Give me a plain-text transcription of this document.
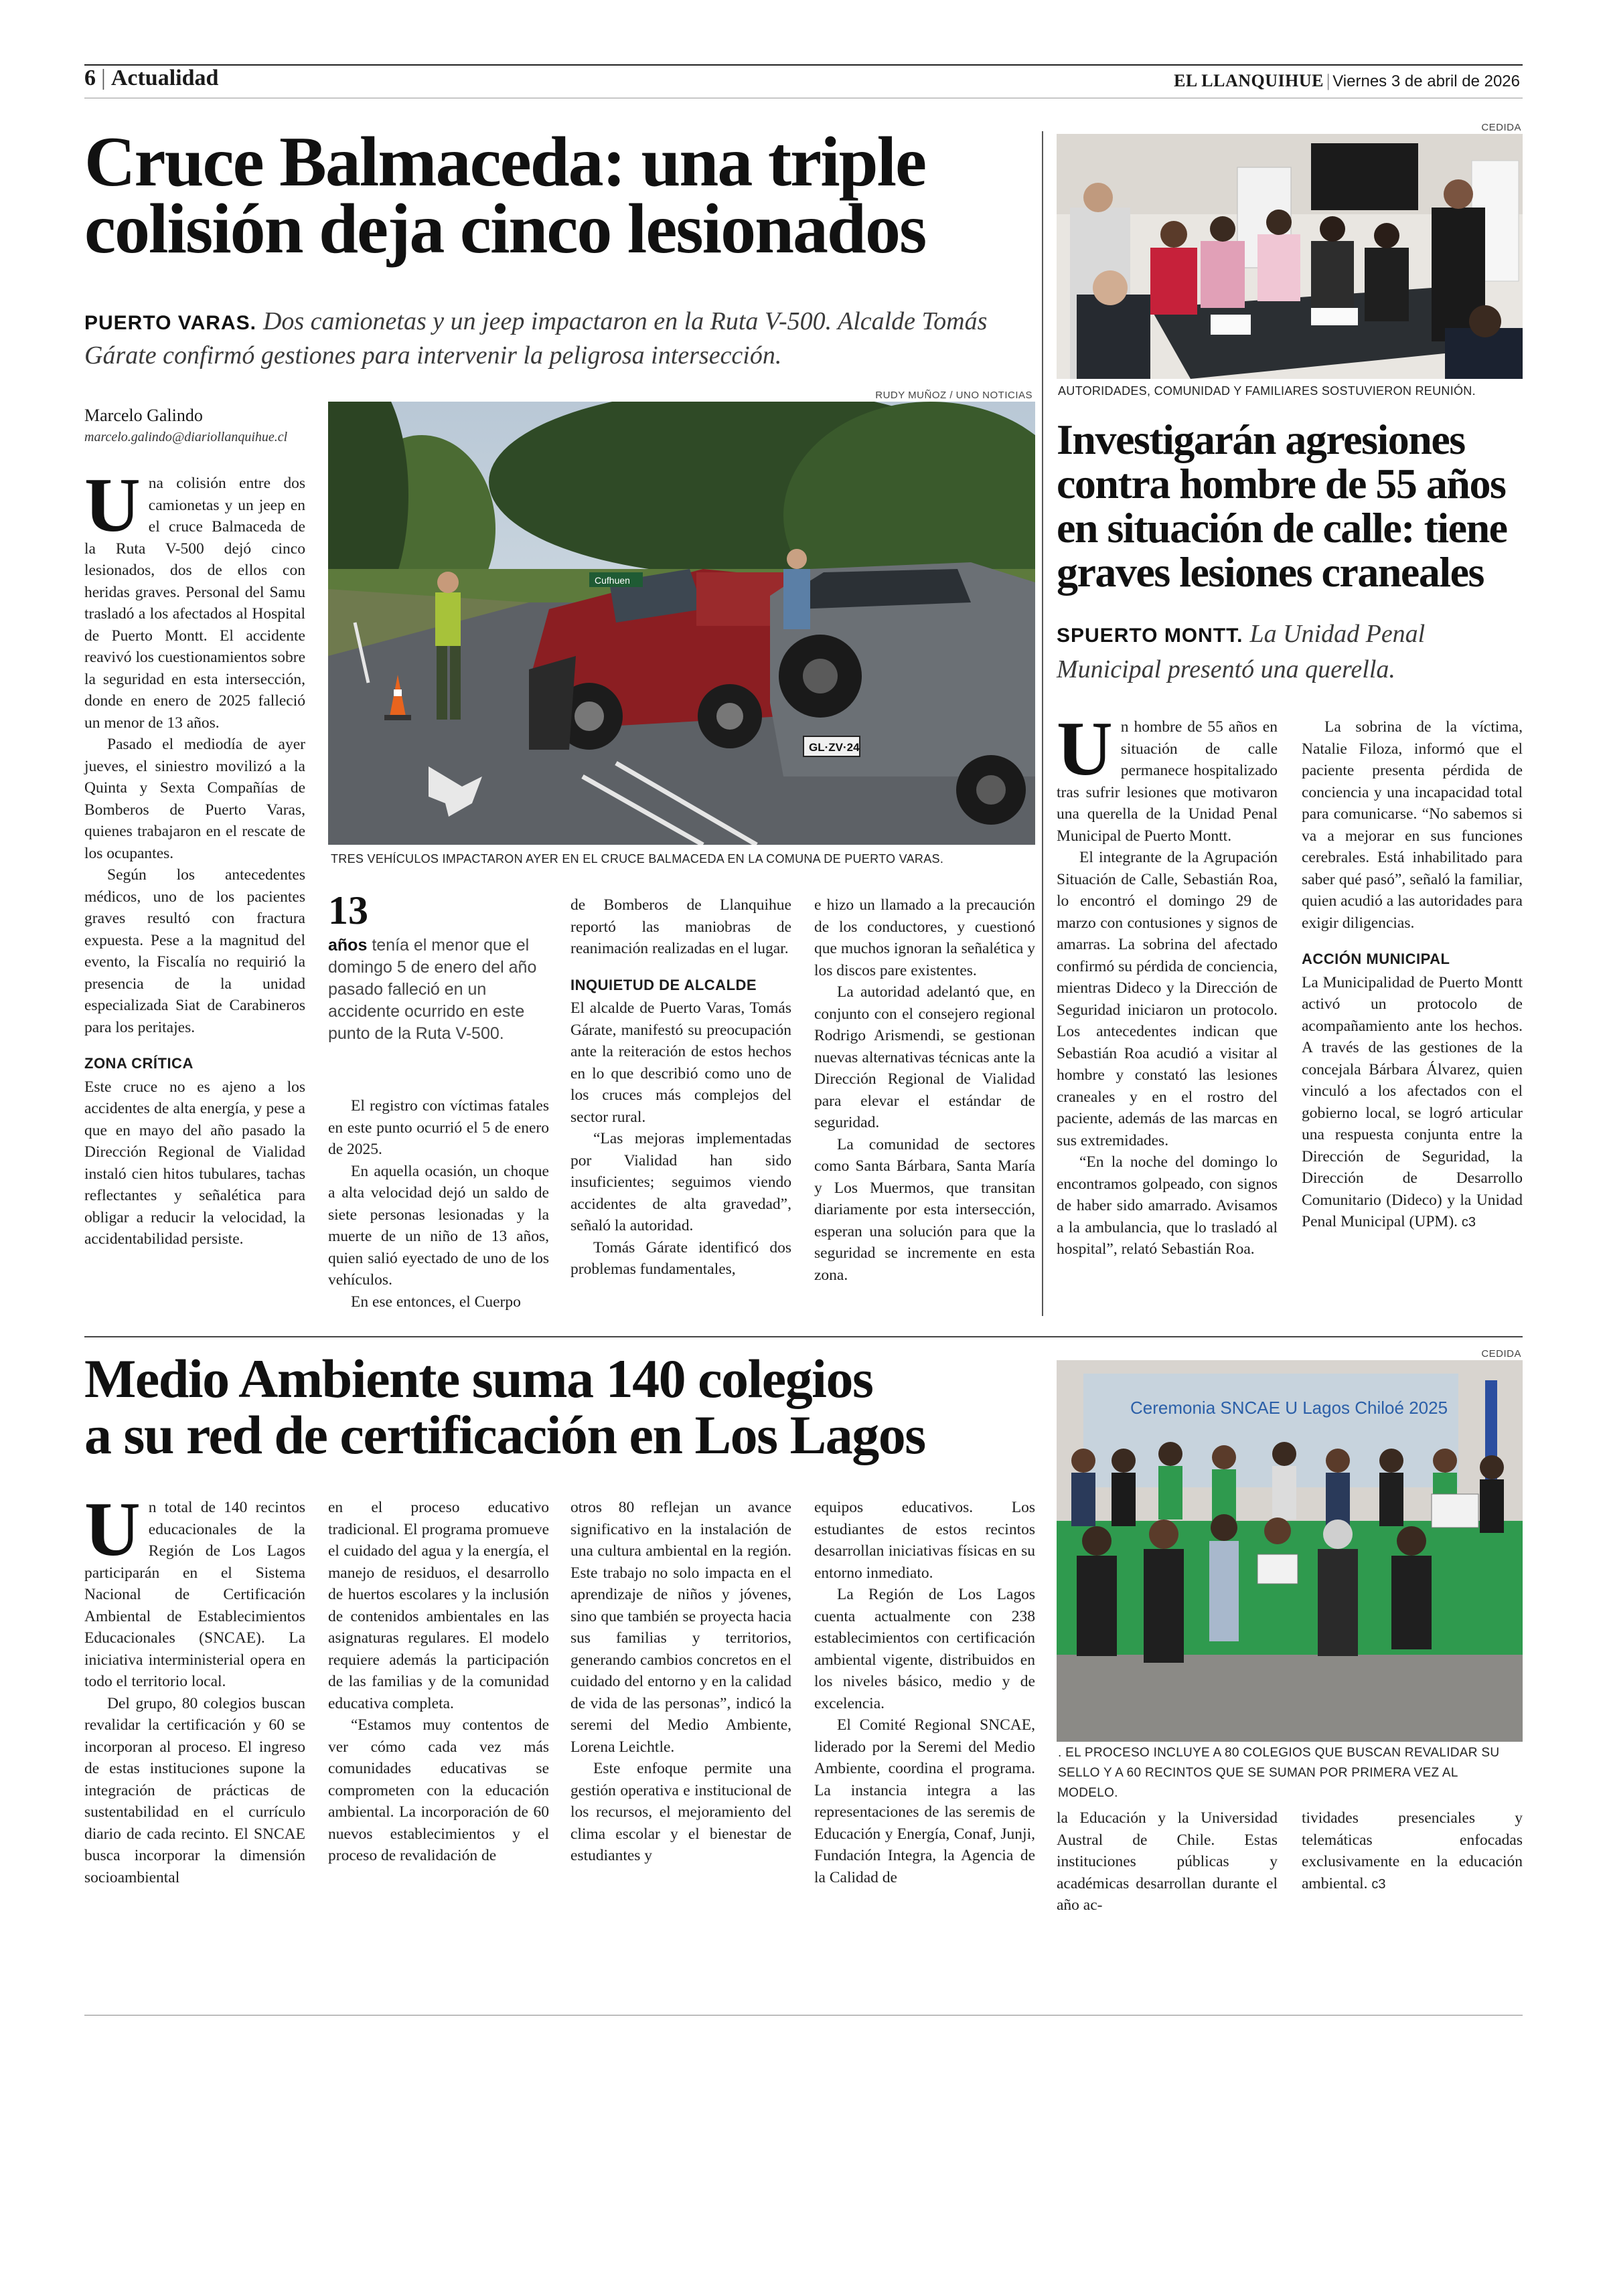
6 | Actualidad	EL LLANQUIHUE | Viernes 3 de abril de 2026
Cruce Balmaceda: una triple
colisión deja cinco lesionados
PUERTO VARAS. Dos camionetas y un jeep impactaron en la Ruta V-500. Alcalde Tomás Gárate confirmó gestiones para intervenir la peligrosa intersección.
Marcelo Galindo
marcelo.galindo@diariollanquihue.cl
RUDY MUÑOZ / UNO NOTICIAS
Cufhuen
GL·ZV·24
TRES VEHÍCULOS IMPACTARON AYER EN EL CRUCE BALMACEDA EN LA COMUNA DE PUERTO VARAS.

Una colisión entre dos camionetas y un jeep en el cruce Balmaceda de la Ruta V-500 dejó cinco lesionados, dos de ellos con heridas graves. Personal del Samu trasladó a los afectados al Hospital de Puerto Montt. El accidente reavivó los cuestionamientos sobre la seguridad en esta intersección, donde en enero de 2025 falleció un menor de 13 años.

Pasado el mediodía de ayer jueves, el siniestro movilizó a la Quinta y Sexta Compañías de Bomberos de Puerto Varas, quienes trabajaron en el rescate de los ocupantes.

Según los antecedentes médicos, uno de los pacientes graves resultó con fractura expuesta. Pese a la magnitud del evento, la Fiscalía no requirió la presencia de la unidad especializada Siat de Carabineros para los peritajes.

ZONA CRÍTICA

Este cruce no es ajeno a los accidentes de alta energía, y pese a que en mayo del año pasado la Dirección Regional de Vialidad instaló cien hitos tubulares, tachas reflectantes y señalética para obligar a reducir la velocidad, la accidentabilidad persiste.

13
años tenía el menor que el domingo 5 de enero del año pasado falleció en un accidente ocurrido en este punto de la Ruta V-500.

El registro con víctimas fatales en este punto ocurrió el 5 de enero de 2025.

En aquella ocasión, un choque a alta velocidad dejó un saldo de siete personas lesionadas y la muerte de un niño de 13 años, quien salió eyectado de uno de los vehículos.

En ese entonces, el Cuerpo

de Bomberos de Llanquihue reportó las maniobras de reanimación realizadas en el lugar.

INQUIETUD DE ALCALDE

El alcalde de Puerto Varas, Tomás Gárate, manifestó su preocupación ante la reiteración de estos hechos en lo que describió como uno de los cruces más complejos del sector rural.

“Las mejoras implementadas por Vialidad han sido insuficientes; seguimos viendo accidentes de alta gravedad”, señaló la autoridad.

Tomás Gárate identificó dos problemas fundamentales,

e hizo un llamado a la precaución de los conductores, y cuestionó que muchos ignoran la señalética y los discos pare existentes.

La autoridad adelantó que, en conjunto con el consejero regional Rodrigo Arismendi, se gestionan nuevas alternativas técnicas ante la Dirección Regional de Vialidad para elevar el estándar de seguridad.

La comunidad de sectores como Santa Bárbara, Santa María y Los Muermos, que transitan diariamente por esta intersección, esperan una solución para que la seguridad se incremente en esta zona.

CEDIDA
AUTORIDADES, COMUNIDAD Y FAMILIARES SOSTUVIERON REUNIÓN.
Investigarán agresiones contra hombre de 55 años en situación de calle: tiene graves lesiones craneales
SPUERTO MONTT. La Unidad Penal Municipal presentó una querella.

Un hombre de 55 años en situación de calle permanece hospitalizado tras sufrir lesiones que motivaron una querella de la Unidad Penal Municipal de Puerto Montt.

El integrante de la Agrupación Situación de Calle, Sebastián Roa, lo encontró el domingo 29 de marzo con contusiones y signos de amarras. La sobrina del afectado confirmó su pérdida de conciencia, mientras Dideco y la Dirección de Seguridad iniciaron un protocolo. Los antecedentes indican que Sebastián Roa acudió a visitar al hombre y constató las lesiones craneales y en el rostro del paciente, además de las marcas en sus extremidades.

“En la noche del domingo lo encontramos golpeado, con signos de haber sido amarrado. Avisamos a la ambulancia, que lo trasladó al hospital”, relató Sebastián Roa.

La sobrina de la víctima, Natalie Filoza, informó que el paciente presenta pérdida de conciencia y una incapacidad total para comunicarse. “No sabemos si va a mejorar en sus funciones cerebrales. Está inhabilitado para saber qué pasó”, señaló la familiar, quien acudió a las autoridades para exigir diligencias.

ACCIÓN MUNICIPAL

La Municipalidad de Puerto Montt activó un protocolo de acompañamiento ante los hechos. A través de las gestiones de la concejala Bárbara Álvarez, quien vinculó a los afectados con el gobierno local, se logró articular una respuesta conjunta entre la Dirección de Seguridad, la Dirección de Desarrollo Comunitario (Dideco) y la Unidad Penal Municipal (UPM). ᴄ3

Medio Ambiente suma 140 colegios
a su red de certificación en Los Lagos
CEDIDA
Ceremonia SNCAE U Lagos Chiloé 2025
. EL PROCESO INCLUYE A 80 COLEGIOS QUE BUSCAN REVALIDAR SU SELLO Y A 60 RECINTOS QUE SE SUMAN POR PRIMERA VEZ AL MODELO.

Un total de 140 recintos educacionales de la Región de Los Lagos participarán en el Sistema Nacional de Certificación Ambiental de Establecimientos Educacionales (SNCAE). La iniciativa interministerial opera en todo el territorio local.

Del grupo, 80 colegios buscan revalidar la certificación y 60 se incorporan al proceso. El ingreso de estas instituciones supone la integración de prácticas de sustentabilidad en el currículo diario de cada recinto. El SNCAE busca incorporar la dimensión socioambiental

en el proceso educativo tradicional. El programa promueve el cuidado del agua y la energía, el manejo de residuos, el desarrollo de huertos escolares y la inclusión de contenidos ambientales en las asignaturas regulares. El modelo requiere además la participación de las familias y de la comunidad educativa completa.

“Estamos muy contentos de ver cómo cada vez más comunidades educativas se comprometen con la educación ambiental. La incorporación de 60 nuevos establecimientos y el proceso de revalidación de

otros 80 reflejan un avance significativo en la instalación de una cultura ambiental en la región. Este trabajo no solo impacta en el aprendizaje de niños y jóvenes, sino que también se proyecta hacia sus familias y territorios, generando cambios concretos en el cuidado del entorno y en la calidad de vida de las personas”, indicó la seremi del Medio Ambiente, Lorena Leichtle.

Este enfoque permite una gestión operativa e institucional de los recursos, el mejoramiento del clima escolar y el bienestar de estudiantes y

equipos educativos. Los estudiantes de estos recintos desarrollan iniciativas físicas en su entorno inmediato.

La Región de Los Lagos cuenta actualmente con 238 establecimientos con certificación ambiental vigente, distribuidos en los niveles básico, medio y de excelencia.

El Comité Regional SNCAE, liderado por la Seremi del Medio Ambiente, coordina el programa. La instancia integra a las representaciones de las seremis de Educación y Energía, Conaf, Junji, Fundación Integra, la Agencia de la Calidad de

la Educación y la Universidad Austral de Chile. Estas instituciones públicas y académicas desarrollan durante el año ac-

tividades presenciales y telemáticas enfocadas exclusivamente en la educación ambiental. ᴄ3
